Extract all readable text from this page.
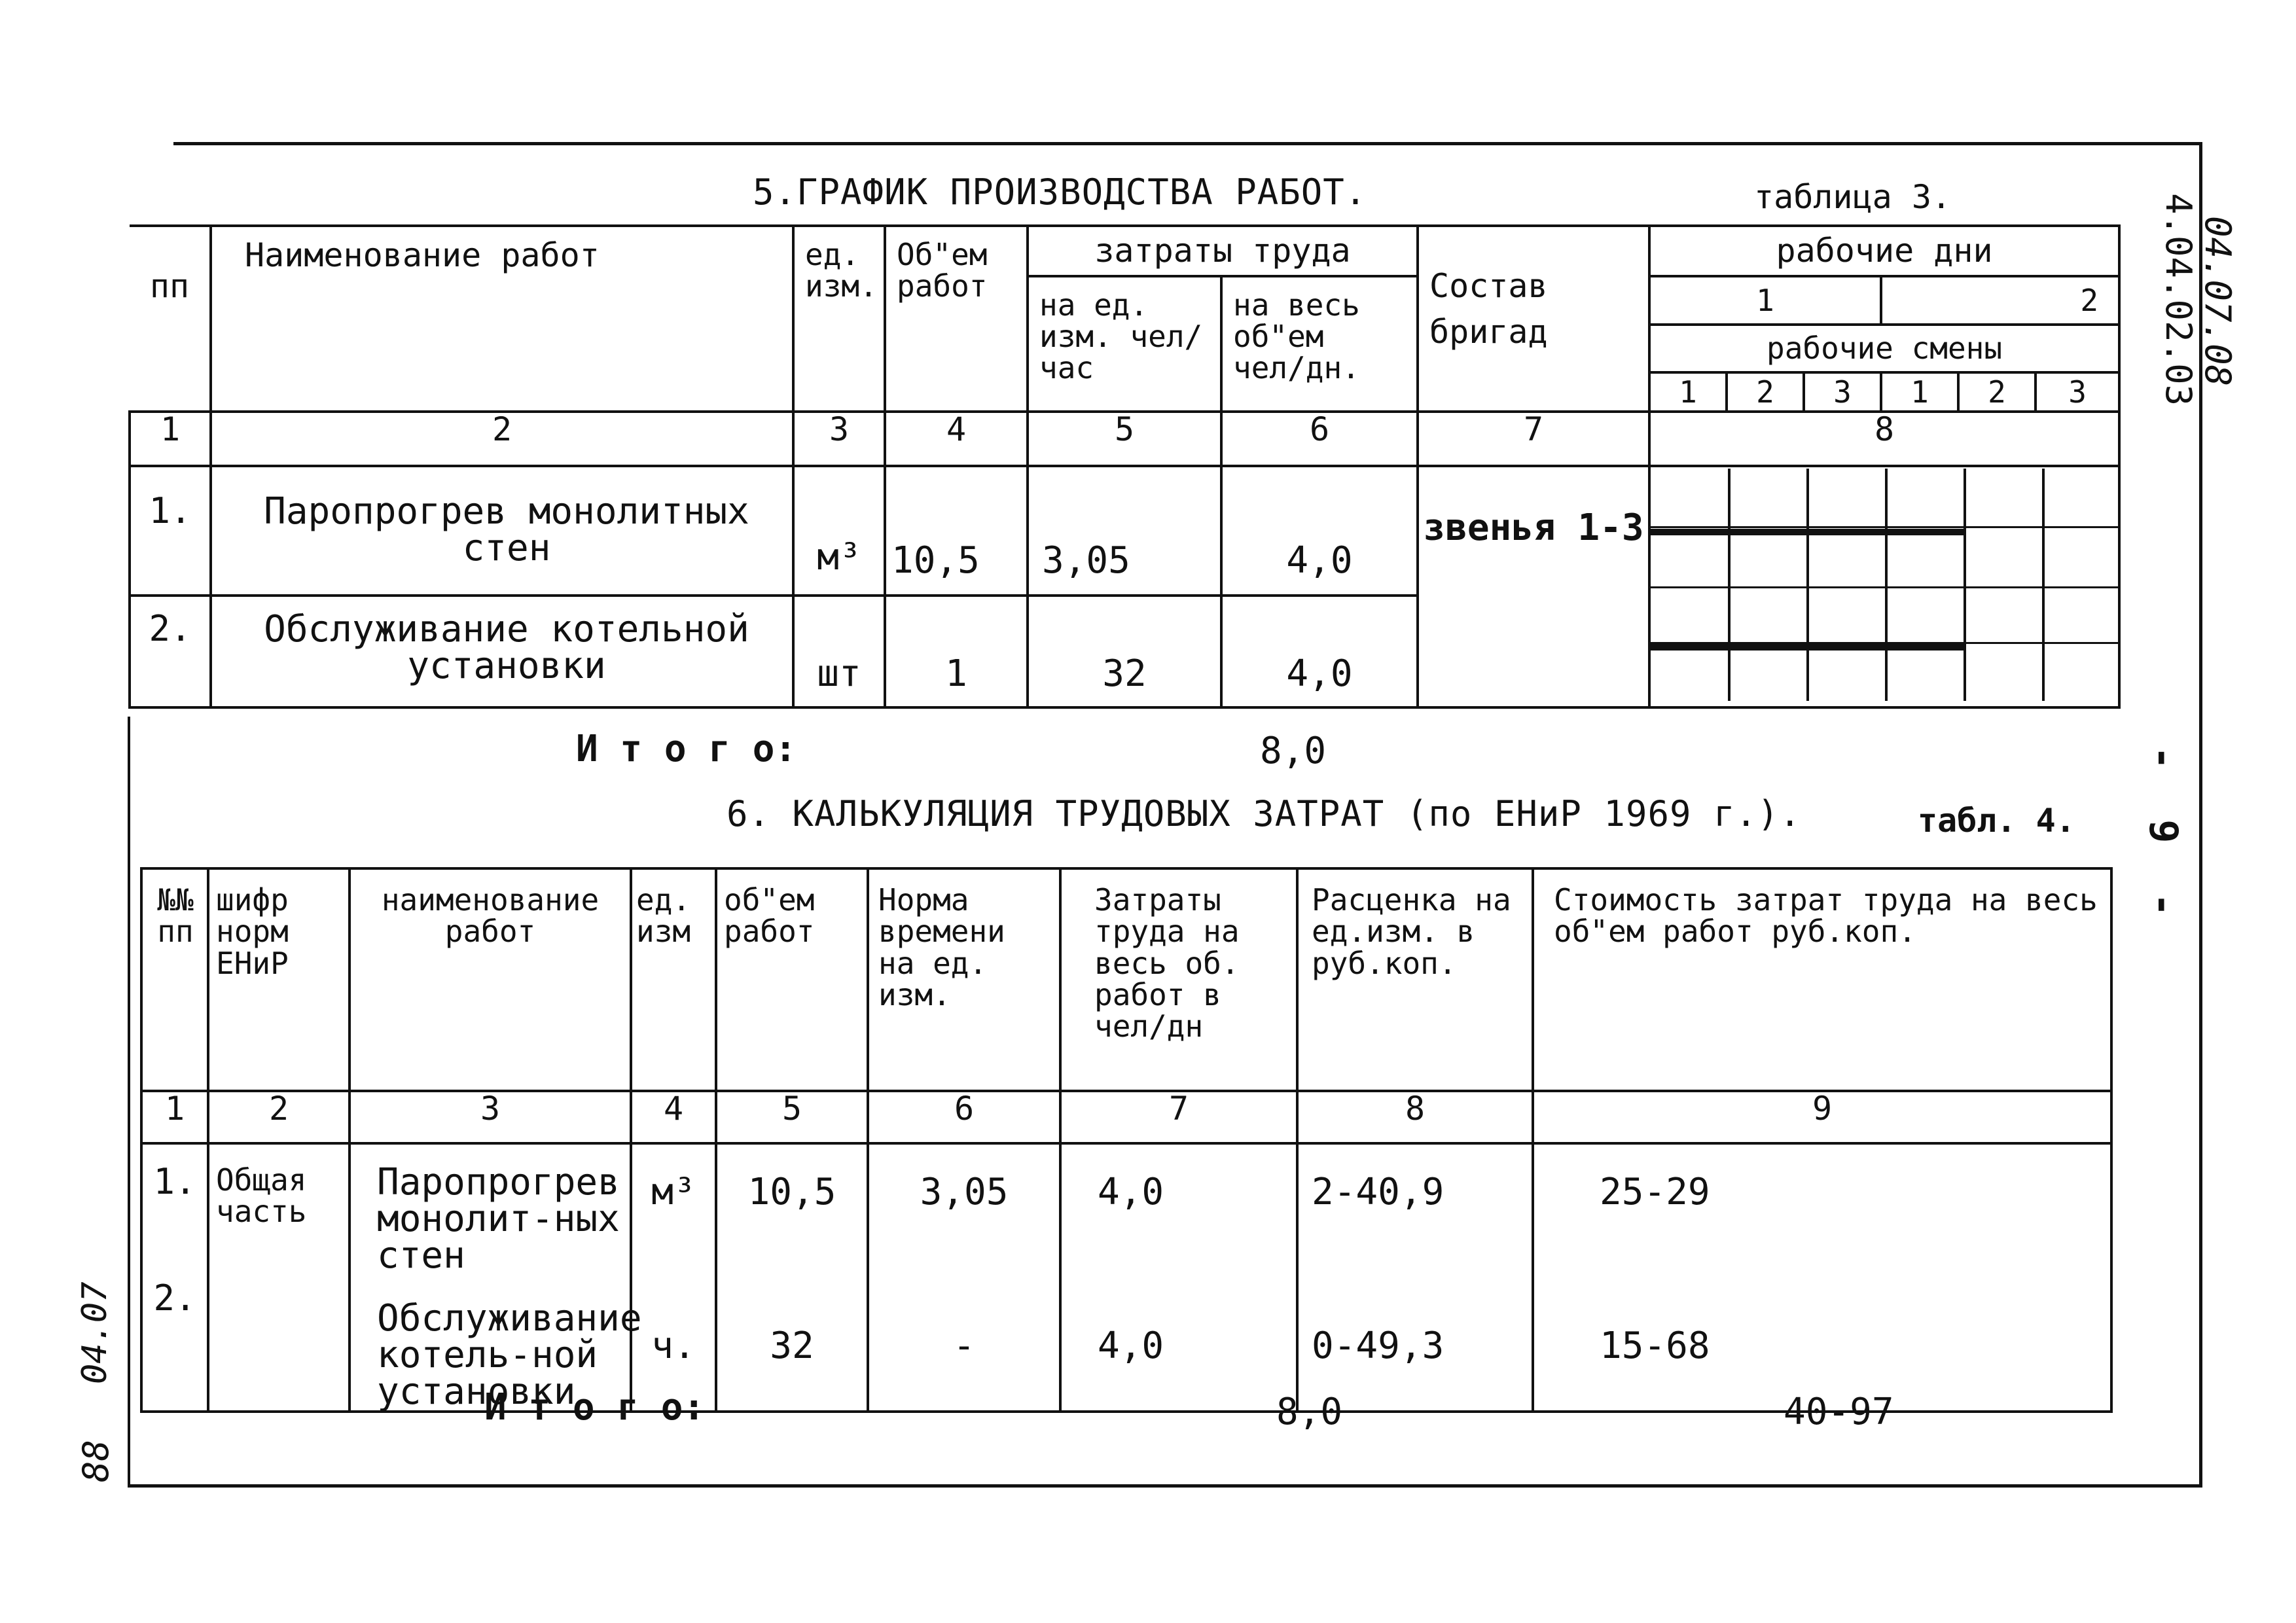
5.ГРАФИК ПРОИЗВОДСТВА РАБОТ.	таблица 3.
пп	Наименование работ	ед. изм.	Об"ем работ	затраты труда		Состав бригад	рабочие дни					
				на ед. изм. чел/час	на весь об"ем чел/дн.		1			2		
							рабочие смены					
							1	2	3	1	2	3
1	2	3	4	5	6	7	8					
1.	Паропрогрев монолитных стен	м³	10,5	3,05	4,0	звенья 1-3						
2.	Обслуживание котельной установки	шт	1	32	4,0							
И т о г о:	8,0
6. КАЛЬКУЛЯЦИЯ ТРУДОВЫХ ЗАТРАТ (по ЕНиР 1969 г.).	табл. 4.
№№ пп	шифр норм ЕНиР	наименование работ	ед. изм	об"ем работ	Норма времени на ед. изм.	Затраты труда на весь об. работ в чел/дн	Расценка на ед.изм. в руб.коп.	Стоимость затрат труда на весь об"ем работ руб.коп.
1	2	3	4	5	6	7	8	9
1.	Общая часть	Паропрогрев монолит-ных стен	м³	10,5	3,05	4,0	2-40,9	25-29
2.		Обслуживание котель-ной установки	ч.	32	-	4,0	0-49,3	15-68
И т о г о:	8,0	40-97
4.04.02.03
04.07.08
- 9 -
04.07
88
